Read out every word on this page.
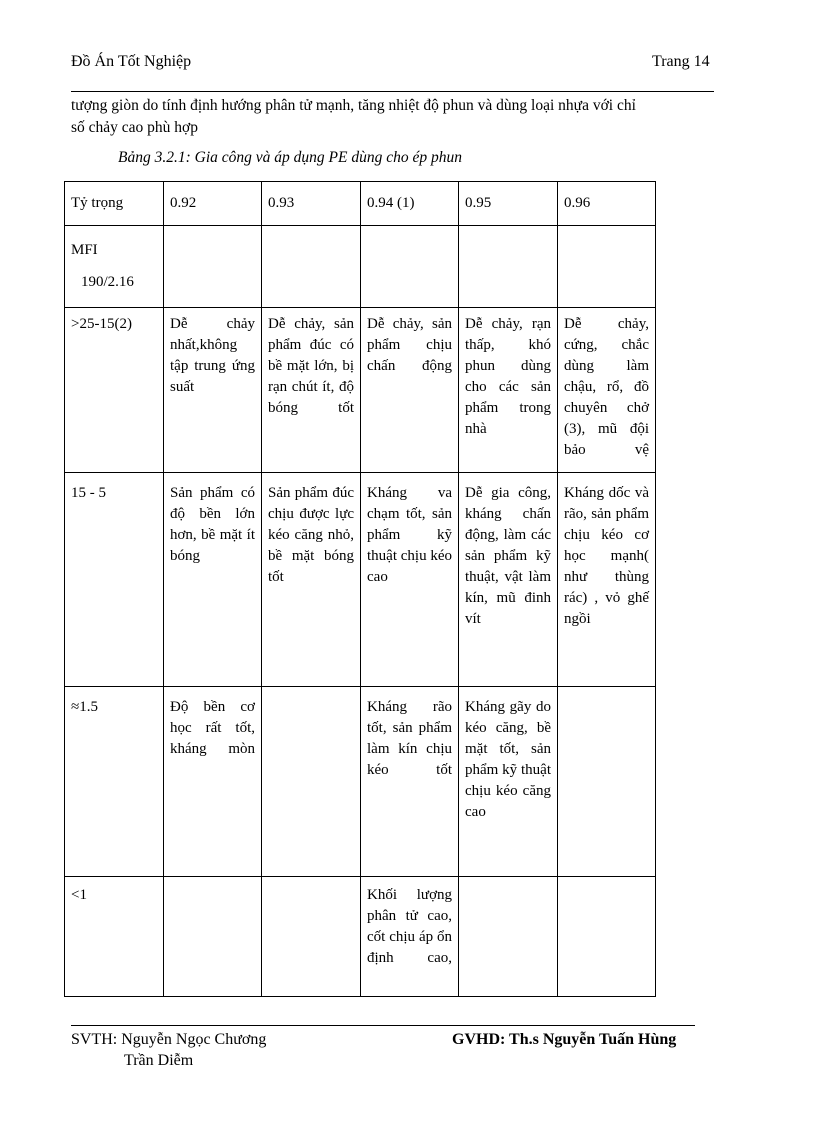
Đồ Án Tốt Nghiệp	Trang 14
tượng giòn do tính định hướng phân tử mạnh, tăng nhiệt độ phun và dùng loại nhựa với chỉ
số chảy cao phù hợp
Bảng 3.2.1: Gia công và áp dụng PE dùng cho ép phun
Tỷ trọng	0.92	0.93	0.94 (1)	0.95	0.96

MFI
190/2.16					

>25-15(2)	Dễ chảy nhất,không tập trung ứng suất	Dễ chảy, sản phẩm đúc có bề mặt lớn, bị rạn chút ít, độ bóng tốt	Dễ chảy, sản phẩm chịu chấn động	Dễ chảy, rạn thấp, khó phun dùng cho các sản phẩm trong nhà	Dễ chảy, cứng, chắc dùng làm chậu, rổ, đồ chuyên chở (3), mũ đội bảo vệ
15 - 5	Sản phẩm có độ bền lớn hơn, bề mặt ít bóng	Sản phẩm đúc chịu được lực kéo căng nhỏ, bề mặt bóng tốt	Kháng va chạm tốt, sản phẩm kỹ thuật chịu kéo cao	Dễ gia công, kháng chấn động, làm các sản phẩm kỹ thuật, vật làm kín, mũ đinh vít	Kháng dốc và rão, sản phẩm chịu kéo cơ học mạnh( như thùng rác) , vỏ ghế ngồi
≈1.5	Độ bền cơ học rất tốt, kháng mòn		Kháng rão tốt, sản phẩm làm kín chịu kéo tốt	Kháng gãy do kéo căng, bề mặt tốt, sản phẩm kỹ thuật chịu kéo căng cao	
<1			Khối lượng phân tử cao, cốt chịu áp ổn định cao,		
SVTH: Nguyễn Ngọc Chương
Trần Diễm
GVHD: Th.s Nguyễn Tuấn Hùng
